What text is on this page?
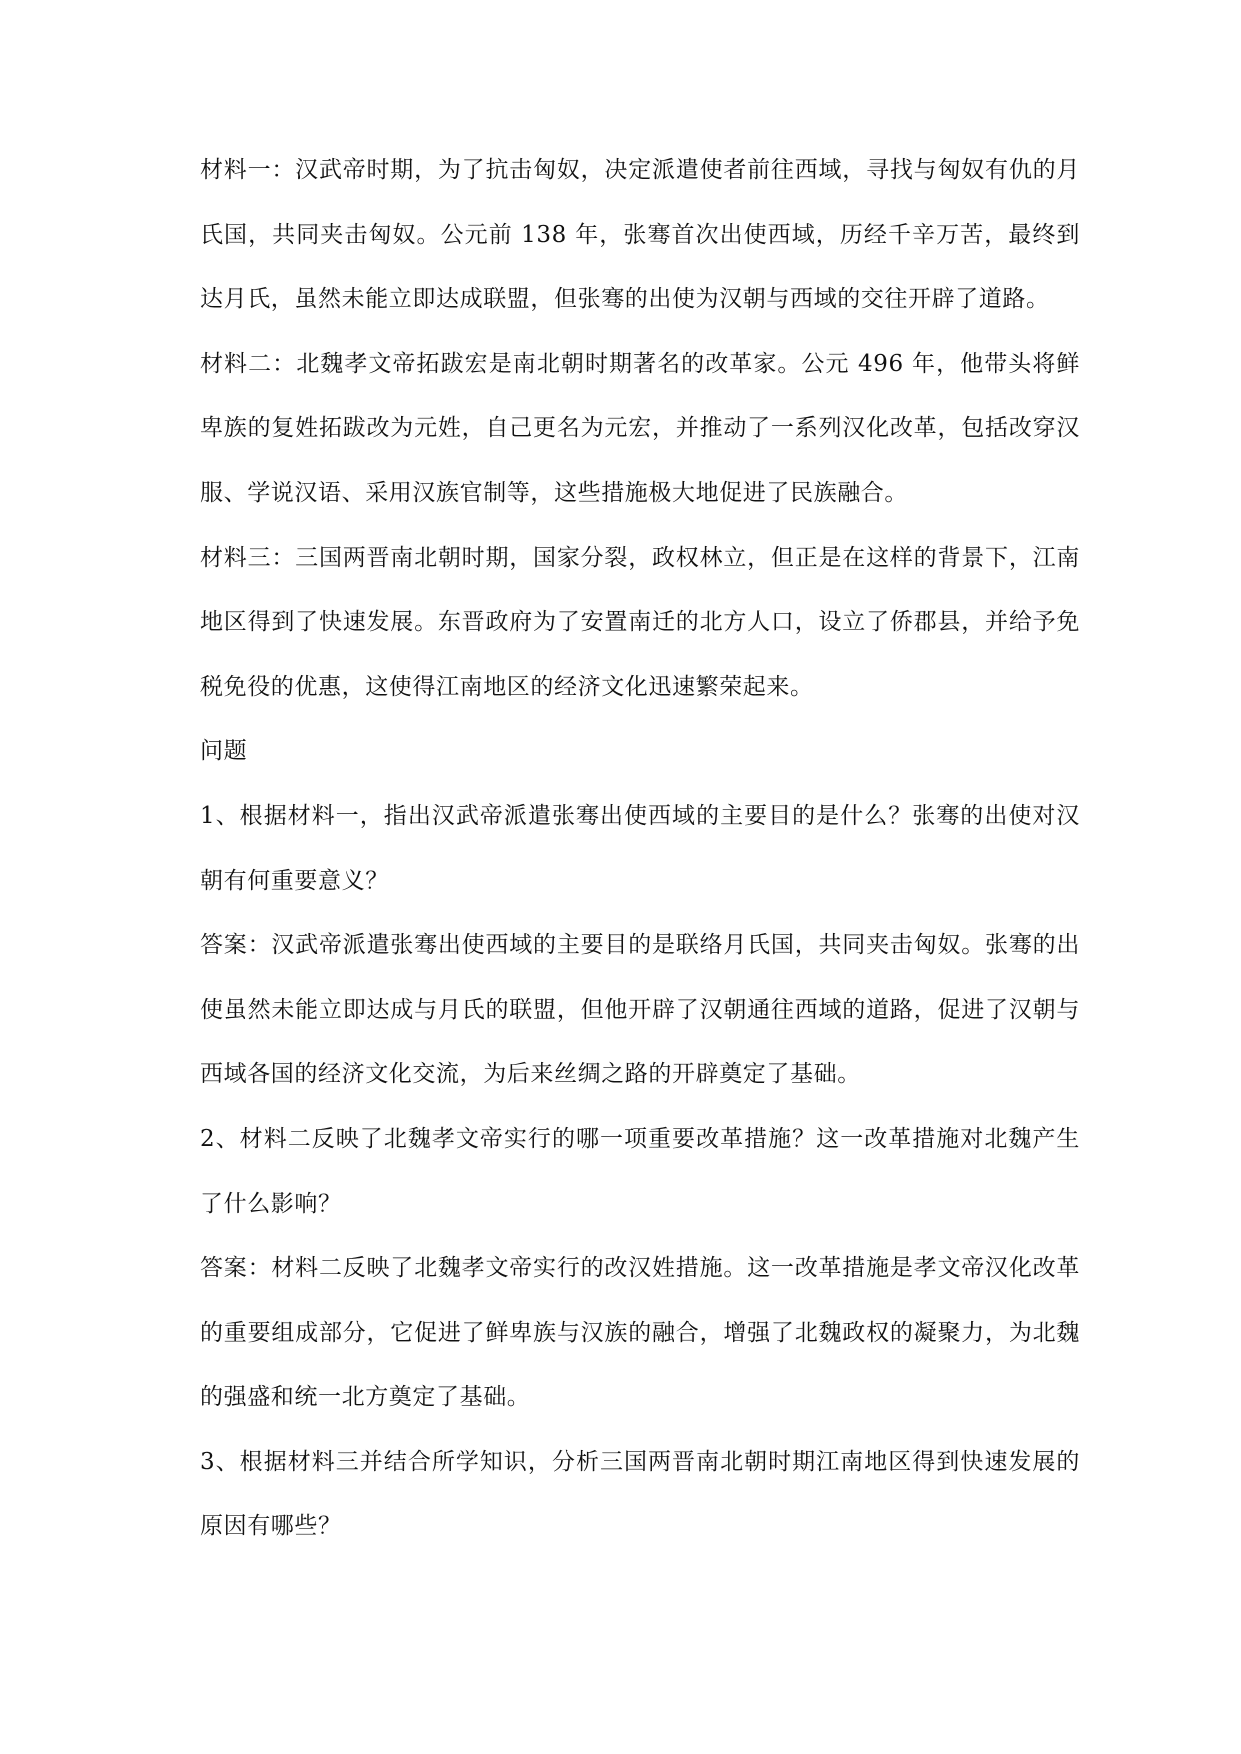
材料一：汉武帝时期，为了抗击匈奴，决定派遣使者前往西域，寻找与匈奴有仇的月氏国，共同夹击匈奴。公元前 138 年，张骞首次出使西域，历经千辛万苦，最终到达月氏，虽然未能立即达成联盟，但张骞的出使为汉朝与西域的交往开辟了道路。

材料二：北魏孝文帝拓跋宏是南北朝时期著名的改革家。公元 496 年，他带头将鲜卑族的复姓拓跋改为元姓，自己更名为元宏，并推动了一系列汉化改革，包括改穿汉服、学说汉语、采用汉族官制等，这些措施极大地促进了民族融合。

材料三：三国两晋南北朝时期，国家分裂，政权林立，但正是在这样的背景下，江南地区得到了快速发展。东晋政府为了安置南迁的北方人口，设立了侨郡县，并给予免税免役的优惠，这使得江南地区的经济文化迅速繁荣起来。

问题

1、根据材料一，指出汉武帝派遣张骞出使西域的主要目的是什么？张骞的出使对汉朝有何重要意义？

答案：汉武帝派遣张骞出使西域的主要目的是联络月氏国，共同夹击匈奴。张骞的出使虽然未能立即达成与月氏的联盟，但他开辟了汉朝通往西域的道路，促进了汉朝与西域各国的经济文化交流，为后来丝绸之路的开辟奠定了基础。

2、材料二反映了北魏孝文帝实行的哪一项重要改革措施？这一改革措施对北魏产生了什么影响？

答案：材料二反映了北魏孝文帝实行的改汉姓措施。这一改革措施是孝文帝汉化改革的重要组成部分，它促进了鲜卑族与汉族的融合，增强了北魏政权的凝聚力，为北魏的强盛和统一北方奠定了基础。

3、根据材料三并结合所学知识，分析三国两晋南北朝时期江南地区得到快速发展的原因有哪些？
